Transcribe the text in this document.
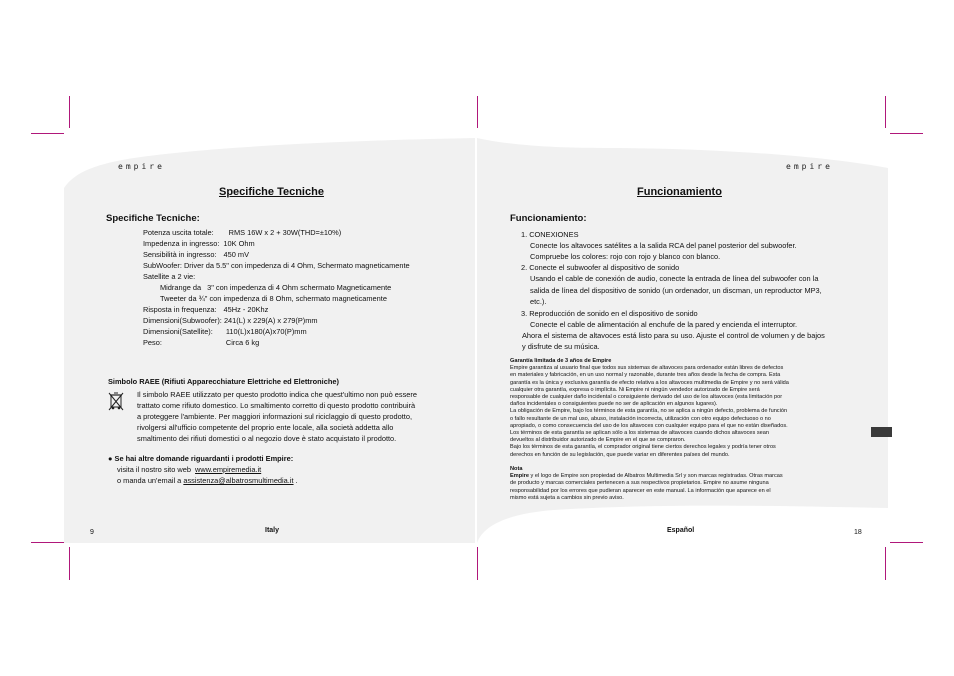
empire
Specifiche Tecniche
Specifiche Tecniche:
Potenza uscita totale: RMS 16W x 2 + 30W(THD=±10%)
Impedenza in ingresso: 10K Ohm
Sensibilità in ingresso: 450 mV
SubWoofer: Driver da 5.5" con impedenza di 4 Ohm, Schermato magneticamente
Satellite a 2 vie:
Midrange da 3" con impedenza di 4 Ohm schermato Magneticamente
Tweeter da ¾" con impedenza di 8 Ohm, schermato magneticamente
Risposta in frequenza: 45Hz - 20Khz
Dimensioni(Subwoofer): 241(L) x 229(A) x 279(P)mm
Dimensioni(Satellite): 110(L)x180(A)x70(P)mm
Peso:	Circa 6 kg
Simbolo RAEE (Rifiuti Apparecchiature Elettriche ed Elettroniche)
Il simbolo RAEE utilizzato per questo prodotto indica che quest'ultimo non può essere
trattato come rifiuto domestico. Lo smaltimento corretto di questo prodotto contribuirà
a proteggere l'ambiente. Per maggiori informazioni sul riciclaggio di questo prodotto,
rivolgersi all'ufficio competente del proprio ente locale, alla società addetta allo
smaltimento dei rifiuti domestici o al negozio dove è stato acquistato il prodotto.
● Se hai altre domande riguardanti i prodotti Empire:
visita il nostro sito web www.empiremedia.it
o manda un'email a assistenza@albatrosmultimedia.it .
9	Italy
empire
Funcionamiento
Funcionamiento:
1. CONEXIONES
Conecte los altavoces satélites a la salida RCA del panel posterior del subwoofer.
Compruebe los colores: rojo con rojo y blanco con blanco.
2. Conecte el subwoofer al dispositivo de sonido
Usando el cable de conexión de audio, conecte la entrada de línea del subwoofer con la
salida de línea del dispositivo de sonido (un ordenador, un discman, un reproductor MP3,
etc.).
3. Reproducción de sonido en el dispositivo de sonido
Conecte el cable de alimentación al enchufe de la pared y encienda el interruptor.
Ahora el sistema de altavoces está listo para su uso. Ajuste el control de volumen y de bajos
y disfrute de su música.
Garantía limitada de 3 años de Empire
Empire garantiza al usuario final que todos sus sistemas de altavoces para ordenador están libres de defectos
en materiales y fabricación, en un uso normal y razonable, durante tres años desde la fecha de compra. Esta
garantía es la única y exclusiva garantía de efecto relativa a los altavoces multimedia de Empire y no será válida
cualquier otra garantía, expresa o implícita. Ni Empire ni ningún vendedor autorizado de Empire será
responsable de cualquier daño incidental o consiguiente derivado del uso de los altavoces (esta limitación por
daños incidentales o consiguientes puede no ser de aplicación en algunos lugares).
La obligación de Empire, bajo los términos de esta garantía, no se aplica a ningún defecto, problema de función
o fallo resultante de un mal uso, abuso, instalación incorrecta, utilización con otro equipo defectuoso o no
apropiado, o como consecuencia del uso de los altavoces con cualquier equipo para el que no están diseñados.
Los términos de esta garantía se aplican sólo a los sistemas de altavoces cuando dichos altavoces sean
devueltos al distribuidor autorizado de Empire en el que se compraron.
Bajo los términos de esta garantía, el comprador original tiene ciertos derechos legales y podría tener otros
derechos en función de su legislación, que puede variar en diferentes países del mundo.
Nota
Empire y el logo de Empire son propiedad de Albatros Multimedia Srl y son marcas registradas. Otras marcas
de producto y marcas comerciales pertenecen a sus respectivos propietarios. Empire no asume ninguna
responsabilidad por los errores que pudieran aparecer en este manual. La información que aparece en el
mismo está sujeta a cambios sin previo aviso.
Español	18
